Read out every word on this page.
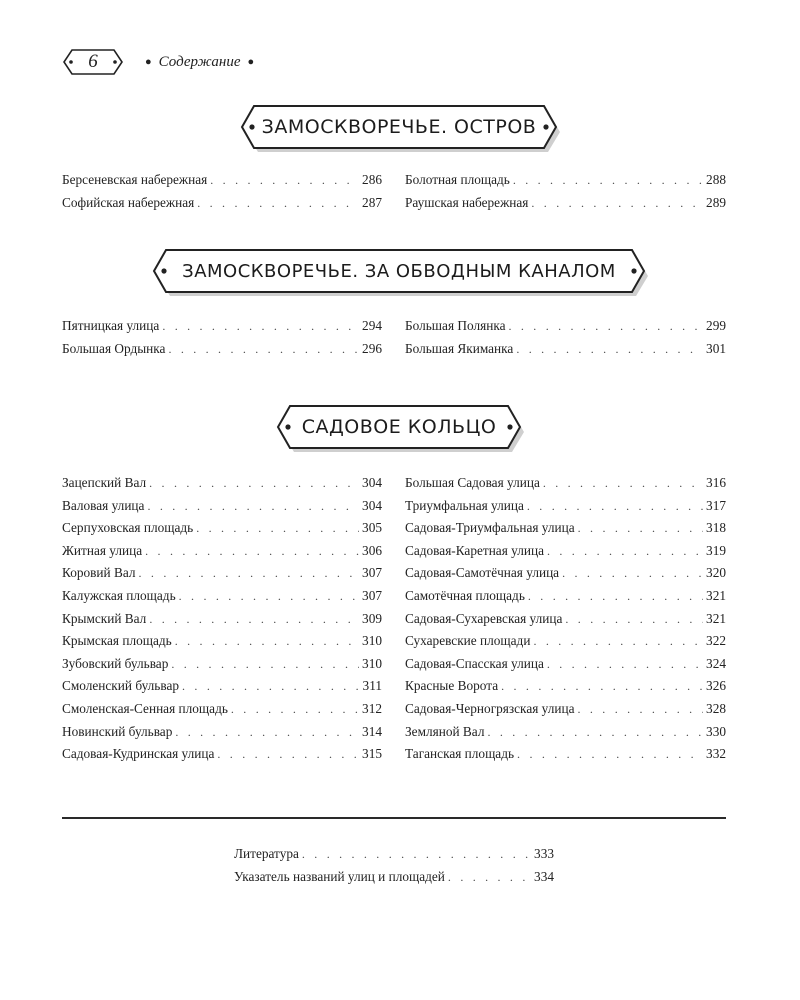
6	● Содержание ●
ЗАМОСКВОРЕЧЬЕ. ОСТРОВ
Берсеневская набережная . . .	286
Софийская набережная . . .	287
Болотная площадь . . .	288
Раушская набережная . . .	289
ЗАМОСКВОРЕЧЬЕ. ЗА ОБВОДНЫМ КАНАЛОМ
Пятницкая улица . . .	294
Большая Ордынка . . .	296
Большая Полянка . . .	299
Большая Якиманка . . .	301
САДОВОЕ КОЛЬЦО
Зацепский Вал . . .	304
Валовая улица . . .	304
Серпуховская площадь . . .	305
Житная улица . . .	306
Коровий Вал . . .	307
Калужская площадь . . .	307
Крымский Вал . . .	309
Крымская площадь . . .	310
Зубовский бульвар . . .	310
Смоленский бульвар . . .	311
Смоленская-Сенная площадь . . .	312
Новинский бульвар . . .	314
Садовая-Кудринская улица . . .	315
Большая Садовая улица . . .	316
Триумфальная улица . . .	317
Садовая-Триумфальная улица . . .	318
Садовая-Каретная улица . . .	319
Садовая-Самотёчная улица . . .	320
Самотёчная площадь . . .	321
Садовая-Сухаревская улица . . .	321
Сухаревские площади . . .	322
Садовая-Спасская улица . . .	324
Красные Ворота . . .	326
Садовая-Черногрязская улица . . .	328
Земляной Вал . . .	330
Таганская площадь . . .	332
Литература . . .	333
Указатель названий улиц и площадей . . .	334
